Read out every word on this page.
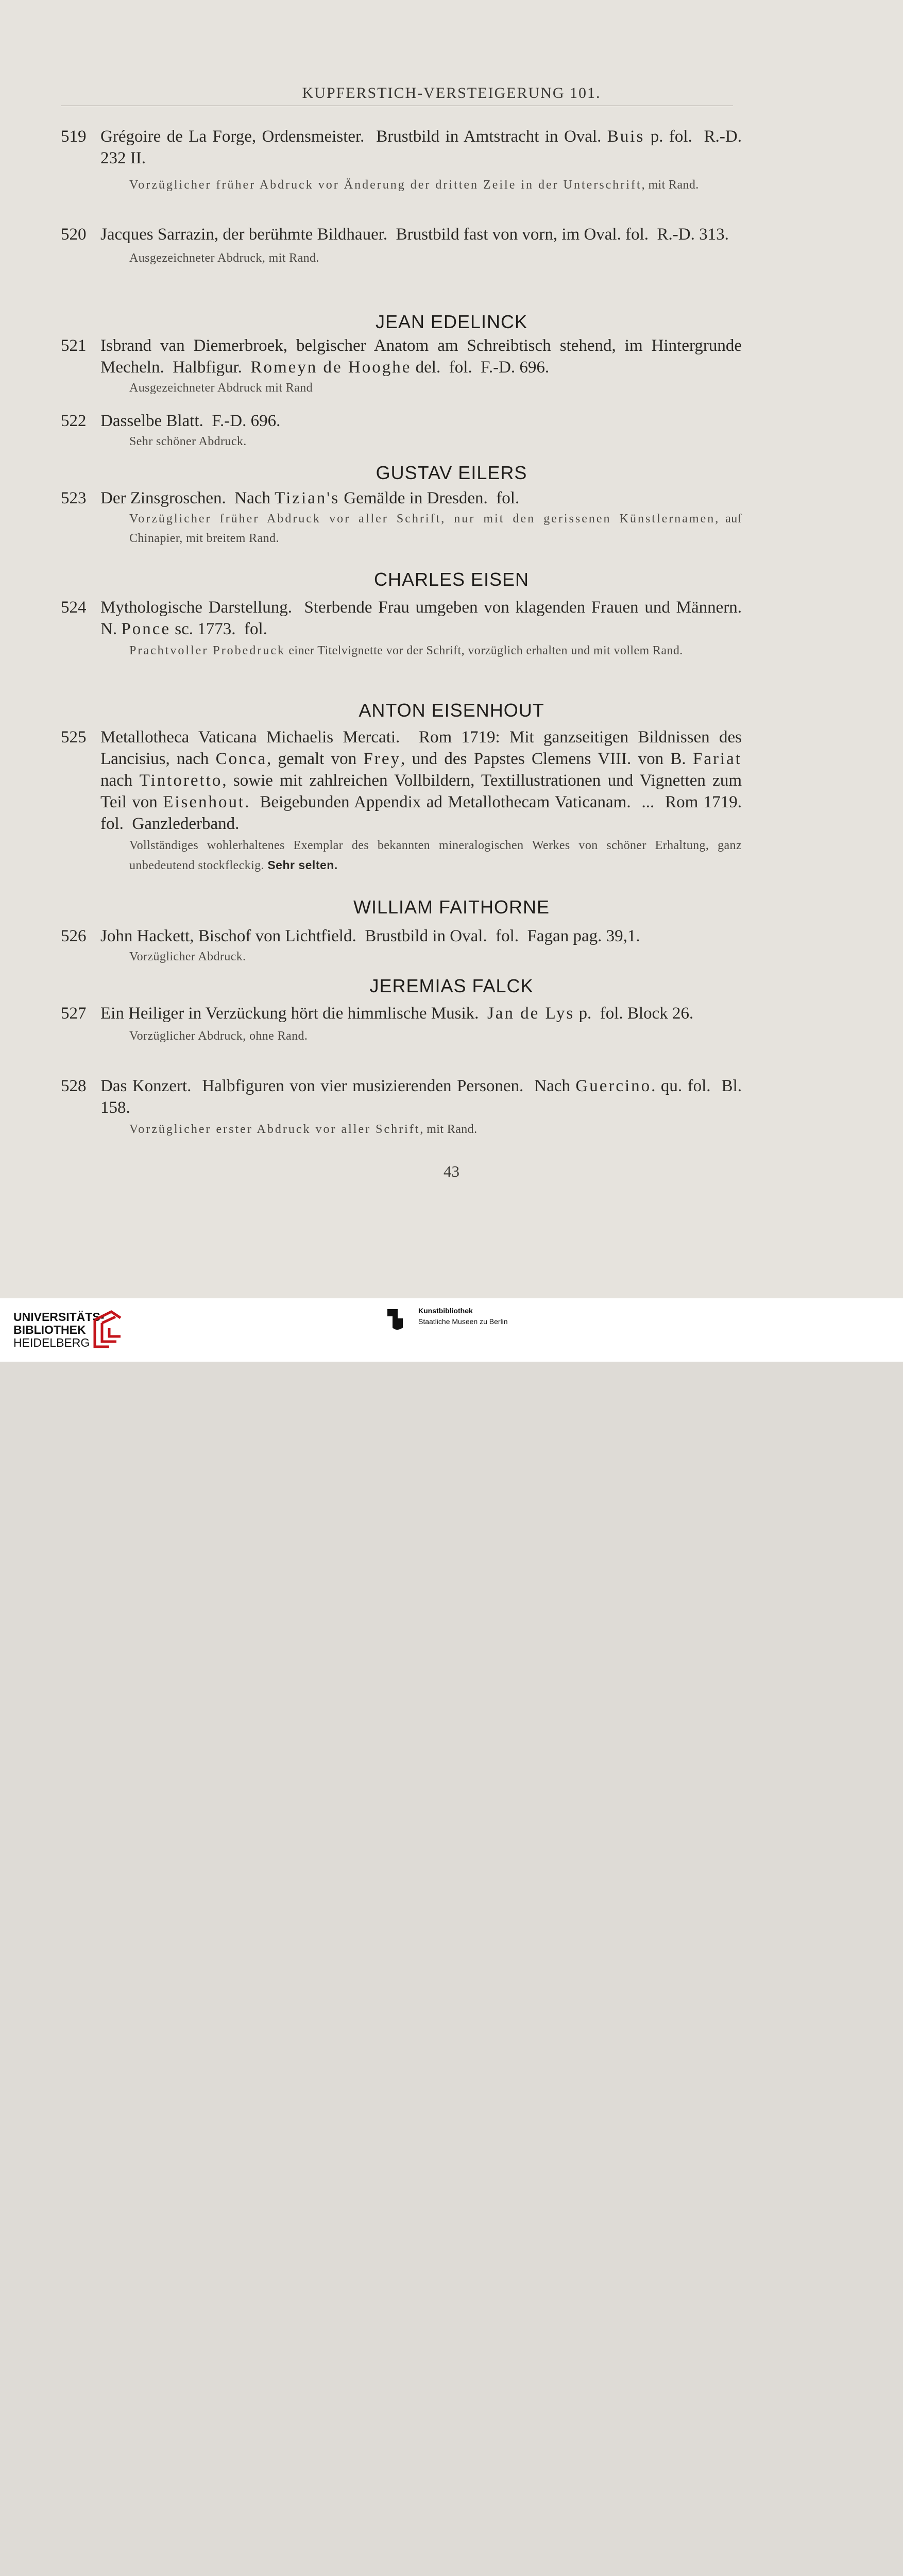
KUPFERSTICH-VERSTEIGERUNG 101.
519 Grégoire de La Forge, Ordensmeister.  Brustbild in Amtstracht in Oval. Buis p. fol.  R.-D. 232 II.
Vorzüglicher früher Abdruck vor Änderung der dritten Zeile in der Unterschrift, mit Rand.
520 Jacques Sarrazin, der berühmte Bildhauer.  Brustbild fast von vorn, im Oval. fol.  R.-D. 313.
Ausgezeichneter Abdruck, mit Rand.
JEAN EDELINCK
521 Isbrand van Diemerbroek, belgischer Anatom am Schreibtisch stehend, im Hintergrunde Mecheln.  Halbfigur.  Romeyn de Hooghe del.  fol.  F.-D. 696.
Ausgezeichneter Abdruck mit Rand
522 Dasselbe Blatt.  F.-D. 696.
Sehr schöner Abdruck.
GUSTAV EILERS
523 Der Zinsgroschen.  Nach Tizian's Gemälde in Dresden.  fol.
Vorzüglicher früher Abdruck vor aller Schrift, nur mit den gerissenen Künstlernamen, auf Chinapier, mit breitem Rand.
CHARLES EISEN
524 Mythologische Darstellung.  Sterbende Frau umgeben von klagenden Frauen und Männern.  N. Ponce sc. 1773.  fol.
Prachtvoller Probedruck einer Titelvignette vor der Schrift, vorzüglich erhalten und mit vollem Rand.
ANTON EISENHOUT
525 Metallotheca Vaticana Michaelis Mercati.  Rom 1719: Mit ganzseitigen Bildnissen des Lancisius, nach Conca, gemalt von Frey, und des Papstes Clemens VIII. von B. Fariat nach Tintoretto, sowie mit zahlreichen Vollbildern, Textillustrationen und Vignetten zum Teil von Eisenhout.  Beigebunden Appendix ad Metallothecam Vaticanam.  ...  Rom 1719.  fol.  Ganzlederband.
Vollständiges wohlerhaltenes Exemplar des bekannten mineralogischen Werkes von schöner Erhaltung, ganz unbedeutend stockfleckig. Sehr selten.
WILLIAM FAITHORNE
526 John Hackett, Bischof von Lichtfield.  Brustbild in Oval.  fol.  Fagan pag. 39,1.
Vorzüglicher Abdruck.
JEREMIAS FALCK
527 Ein Heiliger in Verzückung hört die himmlische Musik.  Jan de Lys p.  fol. Block 26.
Vorzüglicher Abdruck, ohne Rand.
528 Das Konzert.  Halbfiguren von vier musizierenden Personen.  Nach Guercino. qu. fol.  Bl. 158.
Vorzüglicher erster Abdruck vor aller Schrift, mit Rand.
43
UNIVERSITÄTS-
BIBLIOTHEK
HEIDELBERG
Kunstbibliothek
Staatliche Museen zu Berlin
